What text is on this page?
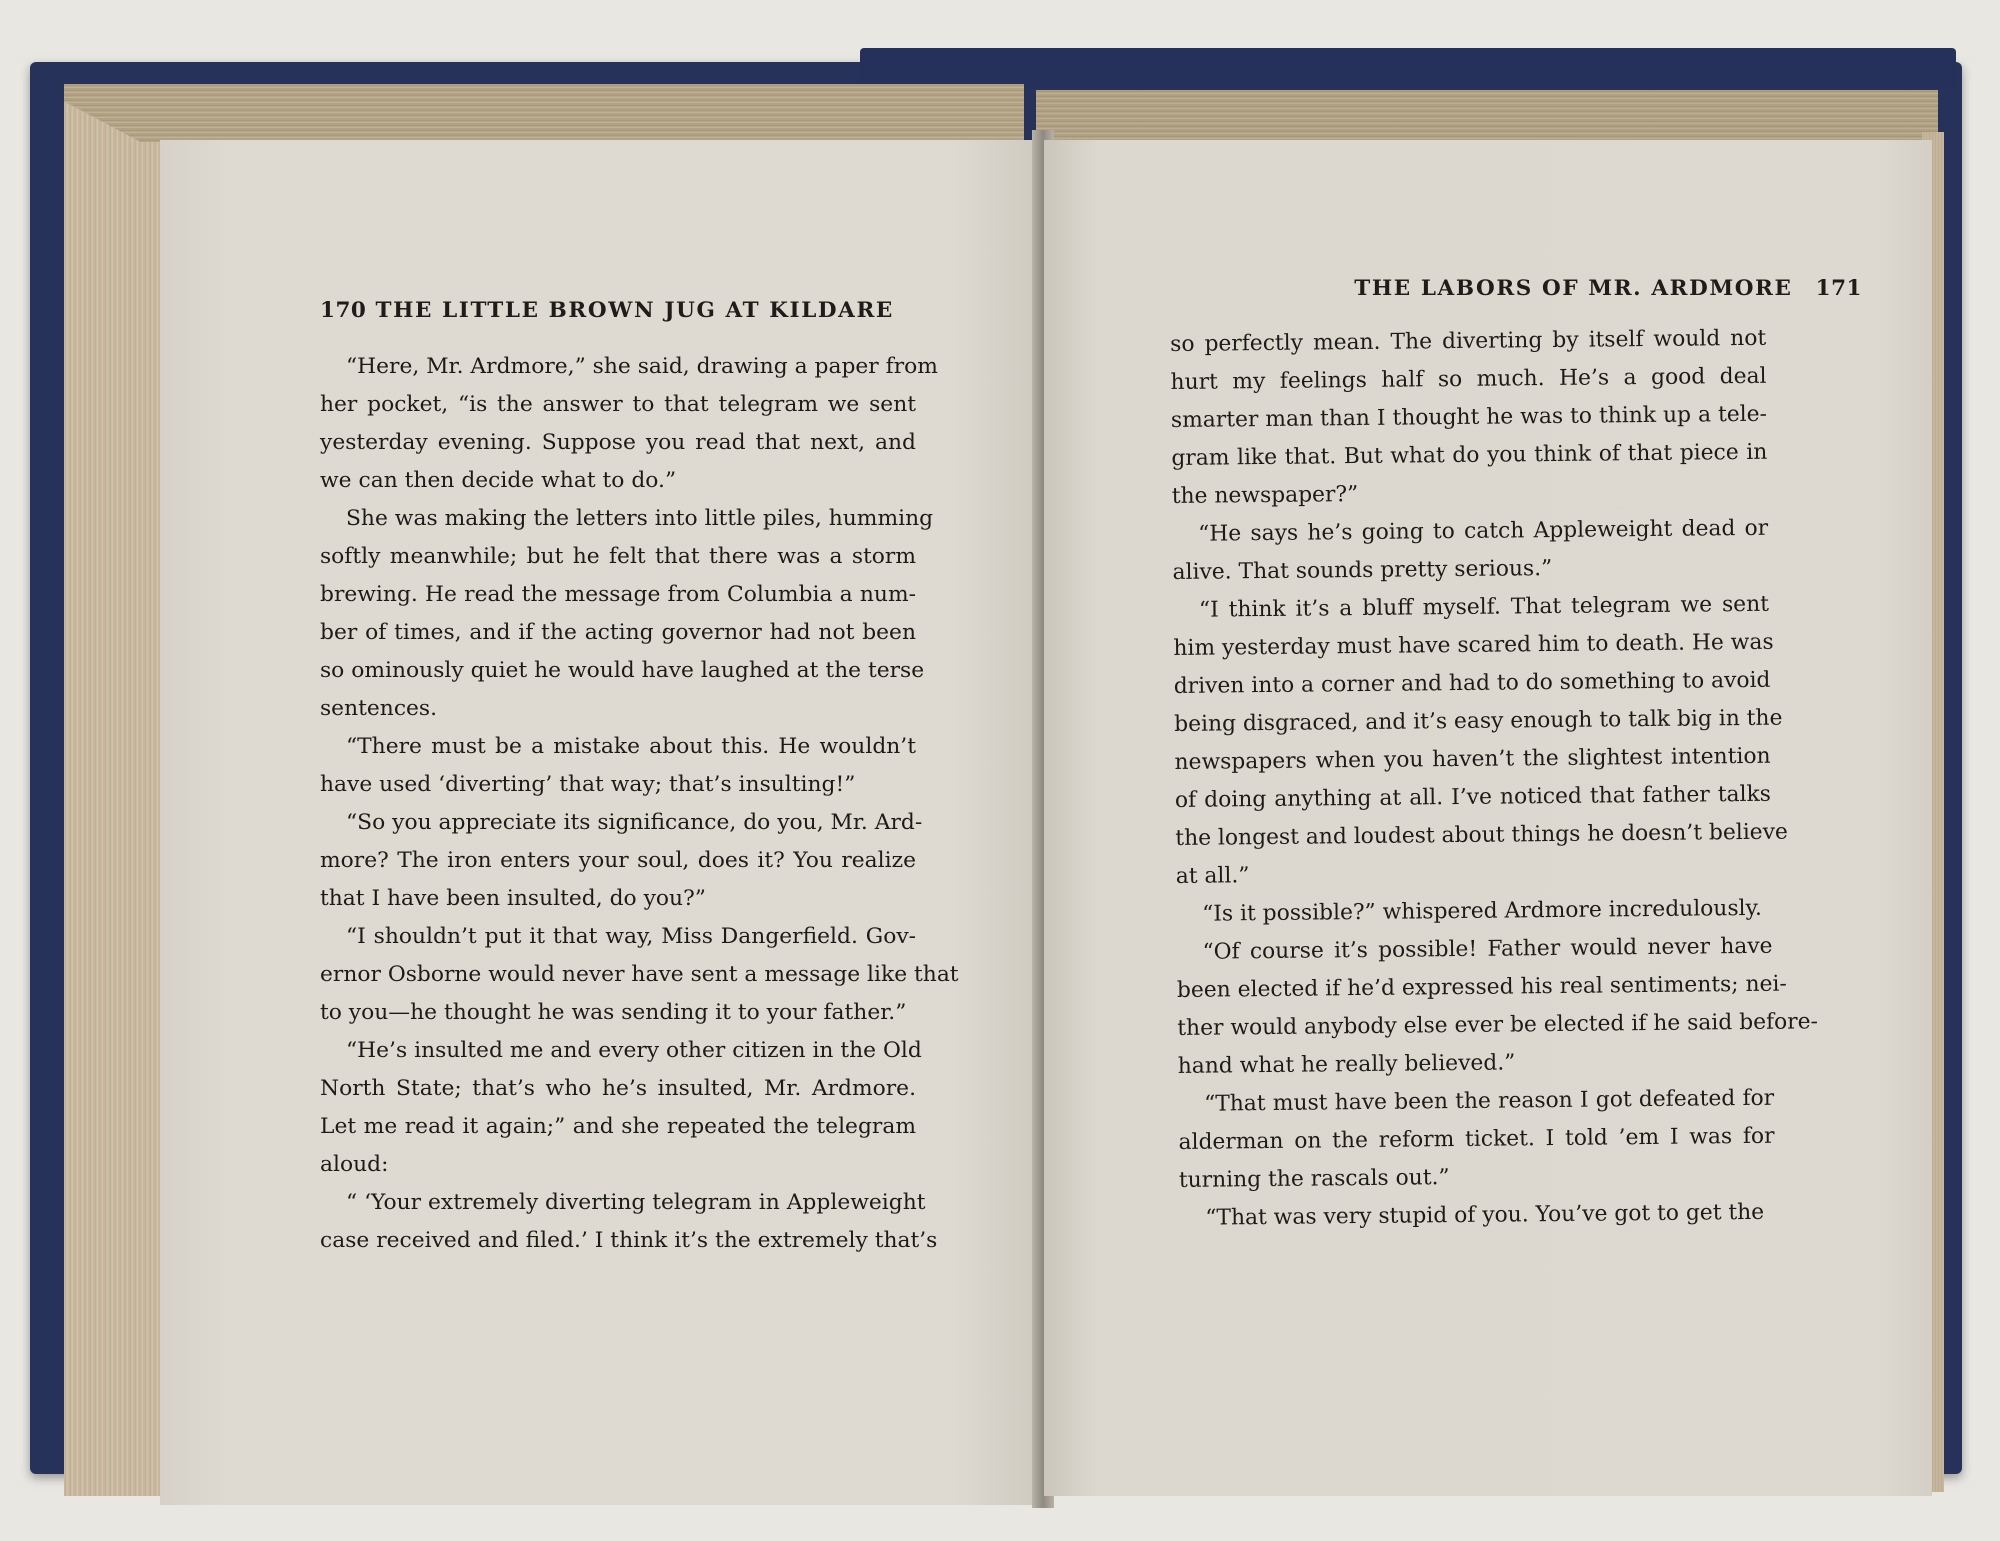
170 THE LITTLE BROWN JUG AT KILDARE
“Here, Mr. Ardmore,” she said, drawing a paper from
her pocket, “is the answer to that telegram we sent
yesterday evening. Suppose you read that next, and
we can then decide what to do.”
She was making the letters into little piles, humming
softly meanwhile; but he felt that there was a storm
brewing. He read the message from Columbia a num-
ber of times, and if the acting governor had not been
so ominously quiet he would have laughed at the terse
sentences.
“There must be a mistake about this. He wouldn’t
have used ‘diverting’ that way; that’s insulting!”
“So you appreciate its significance, do you, Mr. Ard-
more? The iron enters your soul, does it? You realize
that I have been insulted, do you?”
“I shouldn’t put it that way, Miss Dangerfield. Gov-
ernor Osborne would never have sent a message like that
to you—he thought he was sending it to your father.”
“He’s insulted me and every other citizen in the Old
North State; that’s who he’s insulted, Mr. Ardmore.
Let me read it again;” and she repeated the telegram
aloud:
“ ‘Your extremely diverting telegram in Appleweight
case received and filed.’ I think it’s the extremely that’s
THE LABORS OF MR. ARDMORE 171
so perfectly mean. The diverting by itself would not
hurt my feelings half so much. He’s a good deal
smarter man than I thought he was to think up a tele-
gram like that. But what do you think of that piece in
the newspaper?”
“He says he’s going to catch Appleweight dead or
alive. That sounds pretty serious.”
“I think it’s a bluff myself. That telegram we sent
him yesterday must have scared him to death. He was
driven into a corner and had to do something to avoid
being disgraced, and it’s easy enough to talk big in the
newspapers when you haven’t the slightest intention
of doing anything at all. I’ve noticed that father talks
the longest and loudest about things he doesn’t believe
at all.”
“Is it possible?” whispered Ardmore incredulously.
“Of course it’s possible! Father would never have
been elected if he’d expressed his real sentiments; nei-
ther would anybody else ever be elected if he said before-
hand what he really believed.”
“That must have been the reason I got defeated for
alderman on the reform ticket. I told ’em I was for
turning the rascals out.”
“That was very stupid of you. You’ve got to get the
